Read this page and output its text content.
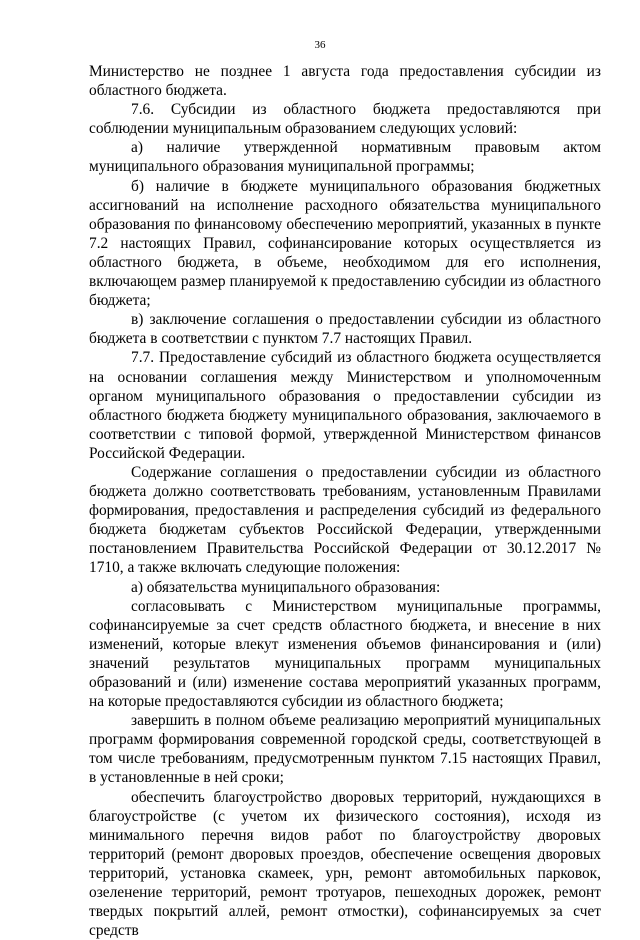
36

Министерство не позднее 1 августа года предоставления субсидии из областного бюджета.

7.6. Субсидии из областного бюджета предоставляются при соблюдении муниципальным образованием следующих условий:

а) наличие утвержденной нормативным правовым актом муниципального образования муниципальной программы;

б) наличие в бюджете муниципального образования бюджетных ассигнований на исполнение расходного обязательства муниципального образования по финансовому обеспечению мероприятий, указанных в пункте 7.2 настоящих Правил, софинансирование которых осуществляется из областного бюджета, в объеме, необходимом для его исполнения, включающем размер планируемой к предоставлению субсидии из областного бюджета;

в) заключение соглашения о предоставлении субсидии из областного бюджета в соответствии с пунктом 7.7 настоящих Правил.

7.7. Предоставление субсидий из областного бюджета осуществляется на основании соглашения между Министерством и уполномоченным органом муниципального образования о предоставлении субсидии из областного бюджета бюджету муниципального образования, заключаемого в соответствии с типовой формой, утвержденной Министерством финансов Российской Федерации.

Содержание соглашения о предоставлении субсидии из областного бюджета должно соответствовать требованиям, установленным Правилами формирования, предоставления и распределения субсидий из федерального бюджета бюджетам субъектов Российской Федерации, утвержденными постановлением Правительства Российской Федерации от 30.12.2017 № 1710, а также включать следующие положения:

а) обязательства муниципального образования:

согласовывать с Министерством муниципальные программы, софинансируемые за счет средств областного бюджета, и внесение в них изменений, которые влекут изменения объемов финансирования и (или) значений результатов муниципальных программ муниципальных образований и (или) изменение состава мероприятий указанных программ, на которые предоставляются субсидии из областного бюджета;

завершить в полном объеме реализацию мероприятий муниципальных программ формирования современной городской среды, соответствующей в том числе требованиям, предусмотренным пунктом 7.15 настоящих Правил, в установленные в ней сроки;

обеспечить благоустройство дворовых территорий, нуждающихся в благоустройстве (с учетом их физического состояния), исходя из минимального перечня видов работ по благоустройству дворовых территорий (ремонт дворовых проездов, обеспечение освещения дворовых территорий, установка скамеек, урн, ремонт автомобильных парковок, озеленение территорий, ремонт тротуаров, пешеходных дорожек, ремонт твердых покрытий аллей, ремонт отмостки), софинансируемых за счет средств
